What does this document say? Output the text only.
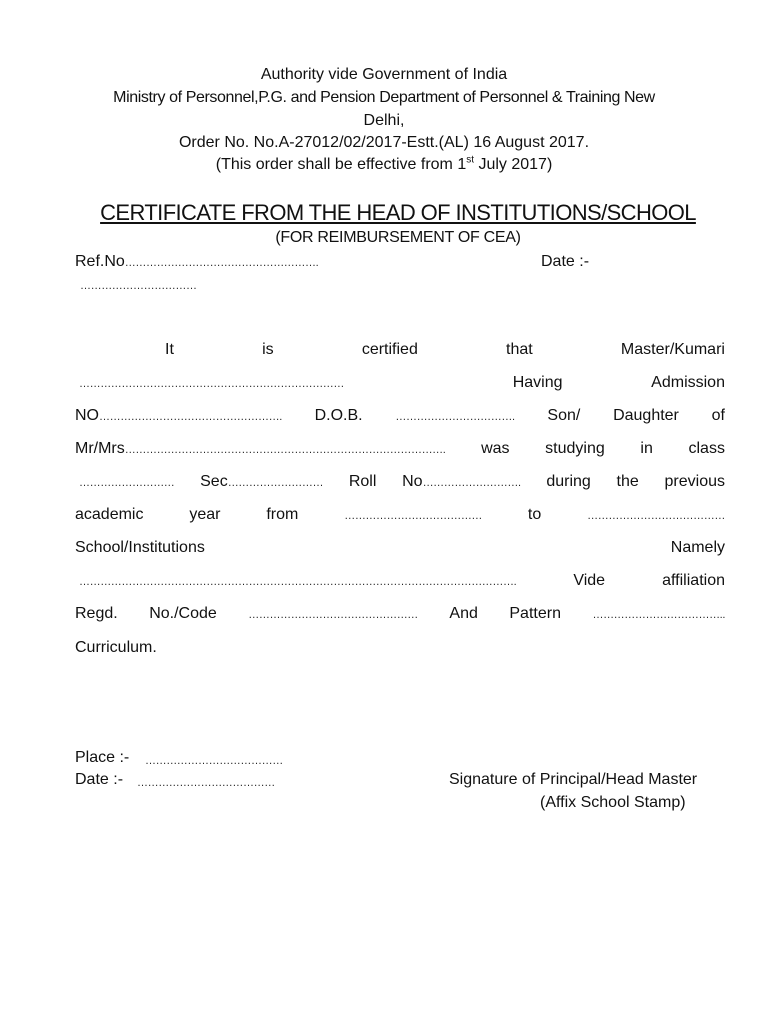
Authority vide Government of India
Ministry of Personnel,P.G. and Pension Department of Personnel & Training New
Delhi,
Order No. No.A-27012/02/2017-Estt.(AL) 16 August 2017.
(This order shall be effective from 1st July 2017)
CERTIFICATE FROM THE HEAD OF INSTITUTIONS/SCHOOL
(FOR REIMBURSEMENT OF CEA)
Ref.No……………………………………………….	Date :-
……………………………
It	is	certified	that	Master/Kumari
…………………………………………………………………	Having	Admission
NO……………………………………………. D.O.B.	……………………………. Son/ Daughter of
Mr/Mrs………………………………………………………………………………. was studying in class
……………………… Sec……………………… Roll No………………………. during the previous
academic	year	from	…………………………………	to	…………………………………
School/Institutions	Namely
…………………………………………………………………………………………………………….	Vide	affiliation
Regd. No./Code	………………………………………… And Pattern	………………………………..
Curriculum.
Place :- …………………………………
Date :- …………………………………	Signature of Principal/Head Master
(Affix School Stamp)
